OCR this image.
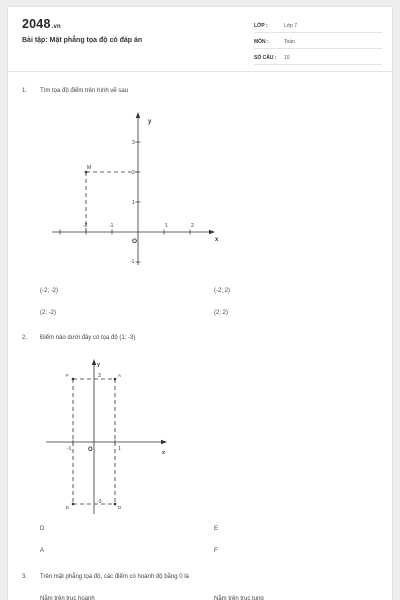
2048.vn
Bài tập: Mặt phẳng tọa độ có đáp án
LỚP :	Lớp 7
MÔN :	Toán
SỐ CÂU : 10
1. Tìm tọa độ điểm trên hình vẽ sau
M
x
y
O
-2	-1	1	2
3
2
1
-1
(-2; -2)	(-2; 2)
(2; -2)	(2; 2)
2. Điểm nào dưới đây có tọa độ (1; -3)
F	A
E	D
x
y
O
-1	1
3
-3
D	E
A	F
3. Trên mặt phẳng tọa độ, các điểm có hoành độ bằng 0 là
Nằm trên trục hoành	Nằm trên trục tung
